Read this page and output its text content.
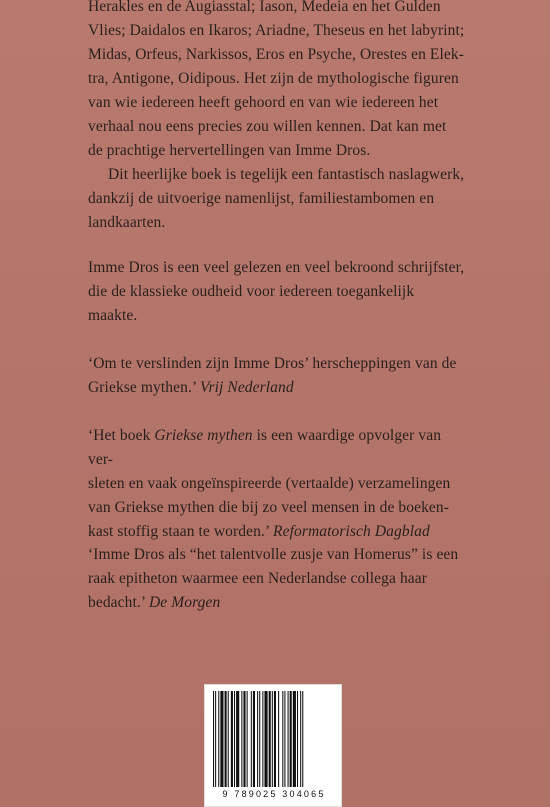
Herakles en de Augiasstal; Iason, Medeia en het Gulden

Vlies; Daidalos en Ikaros; Ariadne, Theseus en het labyrint;

Midas, Orfeus, Narkissos, Eros en Psyche, Orestes en Elek-

tra, Antigone, Oidipous. Het zijn de mythologische figuren

van wie iedereen heeft gehoord en van wie iedereen het

verhaal nou eens precies zou willen kennen. Dat kan met

de prachtige hervertellingen van Imme Dros.

Dit heerlijke boek is tegelijk een fantastisch naslagwerk,

dankzij de uitvoerige namenlijst, familiestambomen en

landkaarten.

Imme Dros is een veel gelezen en veel bekroond schrijfster,

die de klassieke oudheid voor iedereen toegankelijk

maakte.

‘Om te verslinden zijn Imme Dros’ herscheppingen van de

Griekse mythen.’ Vrij Nederland

‘Het boek Griekse mythen is een waardige opvolger van ver-

sleten en vaak ongeïnspireerde (vertaalde) verzamelingen

van Griekse mythen die bij zo veel mensen in de boeken-

kast stoffig staan te worden.’ Reformatorisch Dagblad

‘Imme Dros als “het talentvolle zusje van Homerus” is een

raak epitheton waarmee een Nederlandse collega haar

bedacht.’ De Morgen

9 789025 304065
